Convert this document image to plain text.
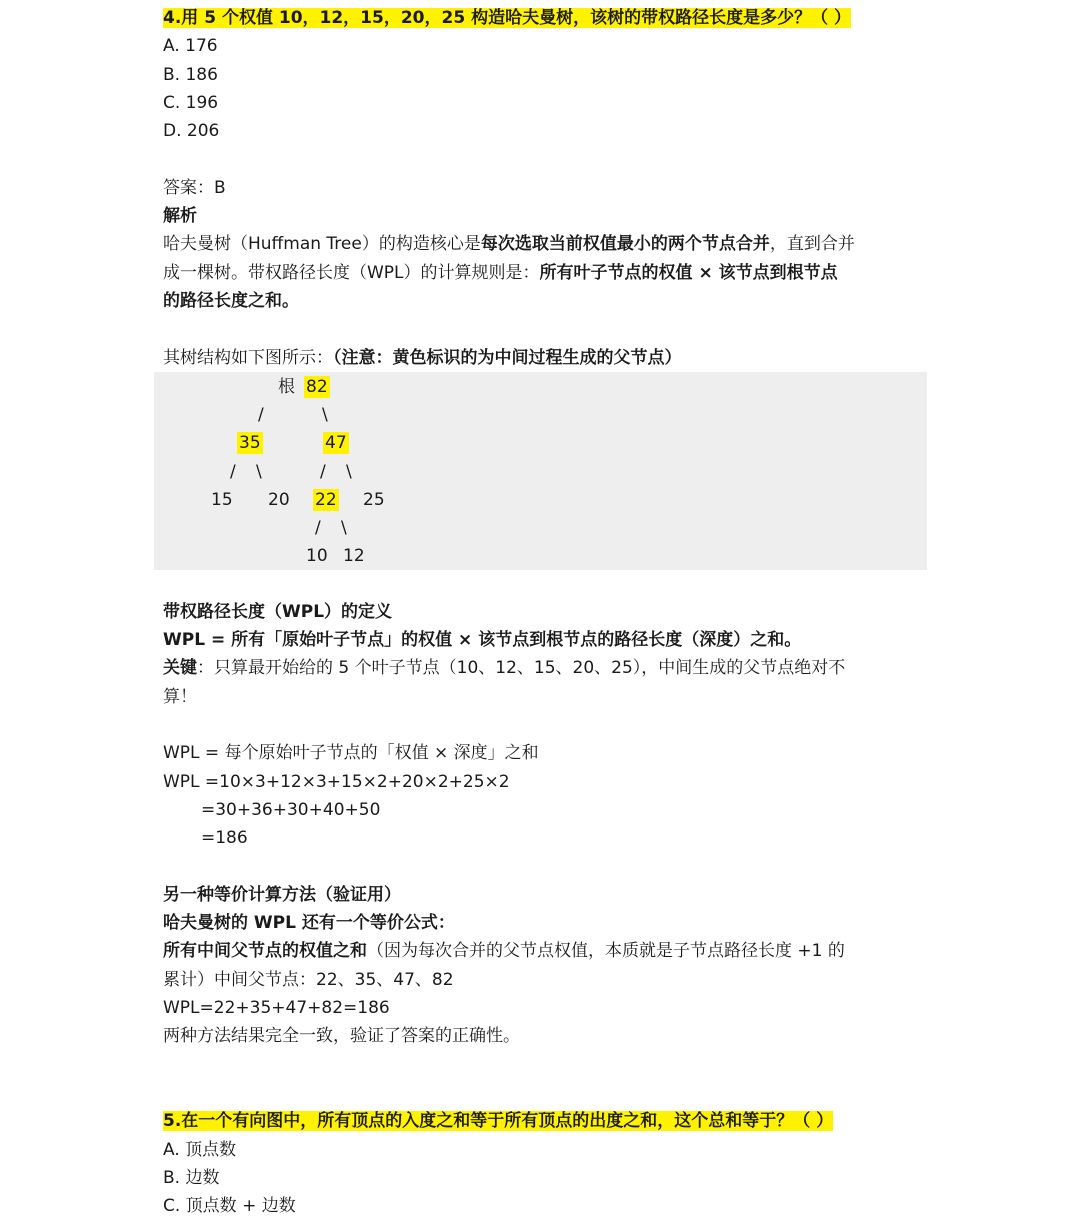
根 82
/	\
35	47
/ \	/ \
15 20 22 25
/ \
10 12
4.用 5 个权值 10，12，15，20，25 构造哈夫曼树，该树的带权路径长度是多少？（ ）
A. 176
B. 186
C. 196
D. 206
答案：B
解析
哈夫曼树（Huffman Tree）的构造核心是每次选取当前权值最小的两个节点合并，直到合并
成一棵树。带权路径长度（WPL）的计算规则是：所有叶子节点的权值 × 该节点到根节点
的路径长度之和。
其树结构如下图所示：（注意：黄色标识的为中间过程生成的父节点）
带权路径长度（WPL）的定义
WPL = 所有「原始叶子节点」的权值 × 该节点到根节点的路径长度（深度）之和。
关键：只算最开始给的 5 个叶子节点（10、12、15、20、25），中间生成的父节点绝对不
算！
WPL = 每个原始叶子节点的「权值 × 深度」之和
WPL =10×3+12×3+15×2+20×2+25×2
=30+36+30+40+50
=186
另一种等价计算方法（验证用）
哈夫曼树的 WPL 还有一个等价公式：
所有中间父节点的权值之和（因为每次合并的父节点权值，本质就是子节点路径长度 +1 的
累计）中间父节点：22、35、47、82
WPL=22+35+47+82=186
两种方法结果完全一致，验证了答案的正确性。
5.在一个有向图中，所有顶点的入度之和等于所有顶点的出度之和，这个总和等于？（ ）
A. 顶点数
B. 边数
C. 顶点数 + 边数
